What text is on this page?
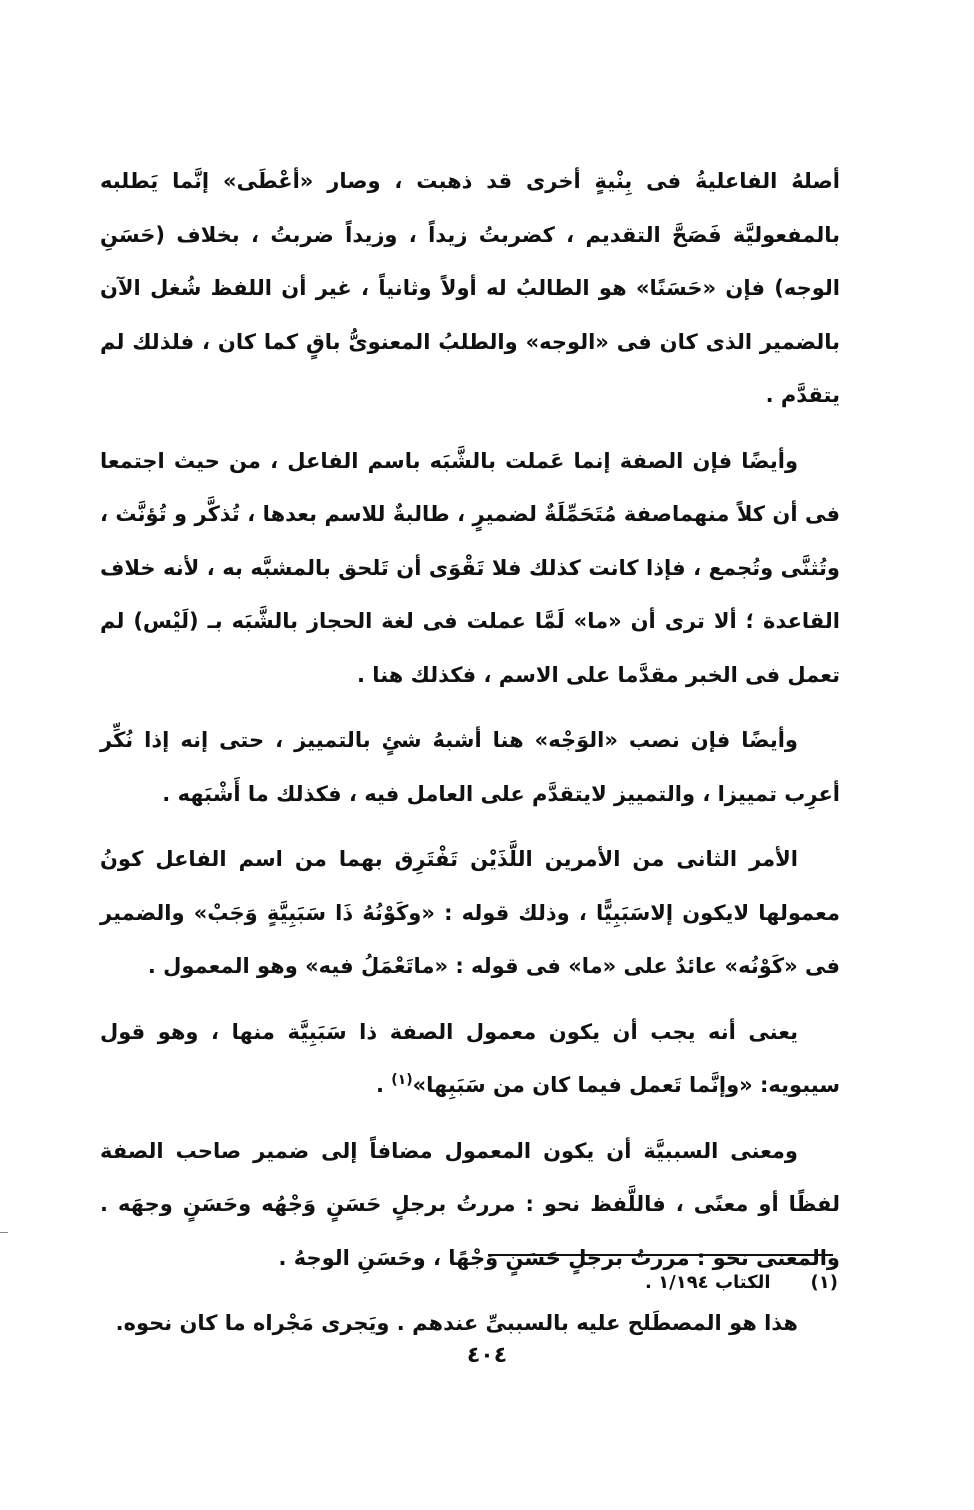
أصلهُ الفاعليةُ فى بِنْيةٍ أخرى قد ذهبت ، وصار «أعْطَى» إنَّما يَطلبه بالمفعوليَّة فَصَحَّ التقديم ، كضربتُ زيداً ، وزيداً ضربتُ ، بخلاف (حَسَنِ الوجه) فإن «حَسَنًا» هو الطالبُ له أولاً وثانياً ، غير أن اللفظ شُغل الآن بالضمير الذى كان فى «الوجه» والطلبُ المعنوىُّ باقٍ كما كان ، فلذلك لم يتقدَّم .

وأيضًا فإن الصفة إنما عَملت بالشَّبَه باسم الفاعل ، من حيث اجتمعا فى أن كلاً منهماصفة مُتَحَمِّلَةٌ لضميرٍ ، طالبةٌ للاسم بعدها ، تُذكَّر و تُؤنَّث ، وتُثنَّى وتُجمع ، فإذا كانت كذلك فلا تَقْوَى أن تَلحق بالمشبَّه به ، لأنه خلاف القاعدة ؛ ألا ترى أن «ما» لَمَّا عملت فى لغة الحجاز بالشَّبَه بـ (لَيْس) لم تعمل فى الخبر مقدَّما على الاسم ، فكذلك هنا .

وأيضًا فإن نصب «الوَجْه» هنا أشبهُ شئٍ بالتمييز ، حتى إنه إذا نُكِّر أعرِب تمييزا ، والتمييز لايتقدَّم على العامل فيه ، فكذلك ما أَشْبَهه .

الأمر الثانى من الأمرين اللَّذَيْن تَفْتَرِق بهما من اسم الفاعل كونُ معمولها لايكون إلاسَبَبِيًّا ، وذلك قوله : «وكَوْنُهُ ذَا سَبَبِيَّةٍ وَجَبْ» والضمير فى «كَوْنُه» عائدٌ على «ما» فى قوله : «ماتَعْمَلُ فيه» وهو المعمول .

يعنى أنه يجب أن يكون معمول الصفة ذا سَبَبِيَّة منها ، وهو قول سيبويه: «وإنَّما تَعمل فيما كان من سَبَبِها»$^{(١)}$ .

ومعنى السببيَّة أن يكون المعمول مضافاً إلى ضمير صاحب الصفة لفظًا أو معنًى ، فاللَّفظ نحو : مررتُ برجلٍ حَسَنٍ وَجْهُه وحَسَنٍ وجهَه . والمعنى نحو : مررتُ برجلٍ حَسَنٍ وَجْهًا ، وحَسَنِ الوجهُ .

هذا هو المصطَلح عليه بالسببىِّ عندهم . ويَجرى مَجْراه ما كان نحوه.

(١)الكتاب ١/١٩٤ .
٤٠٤
